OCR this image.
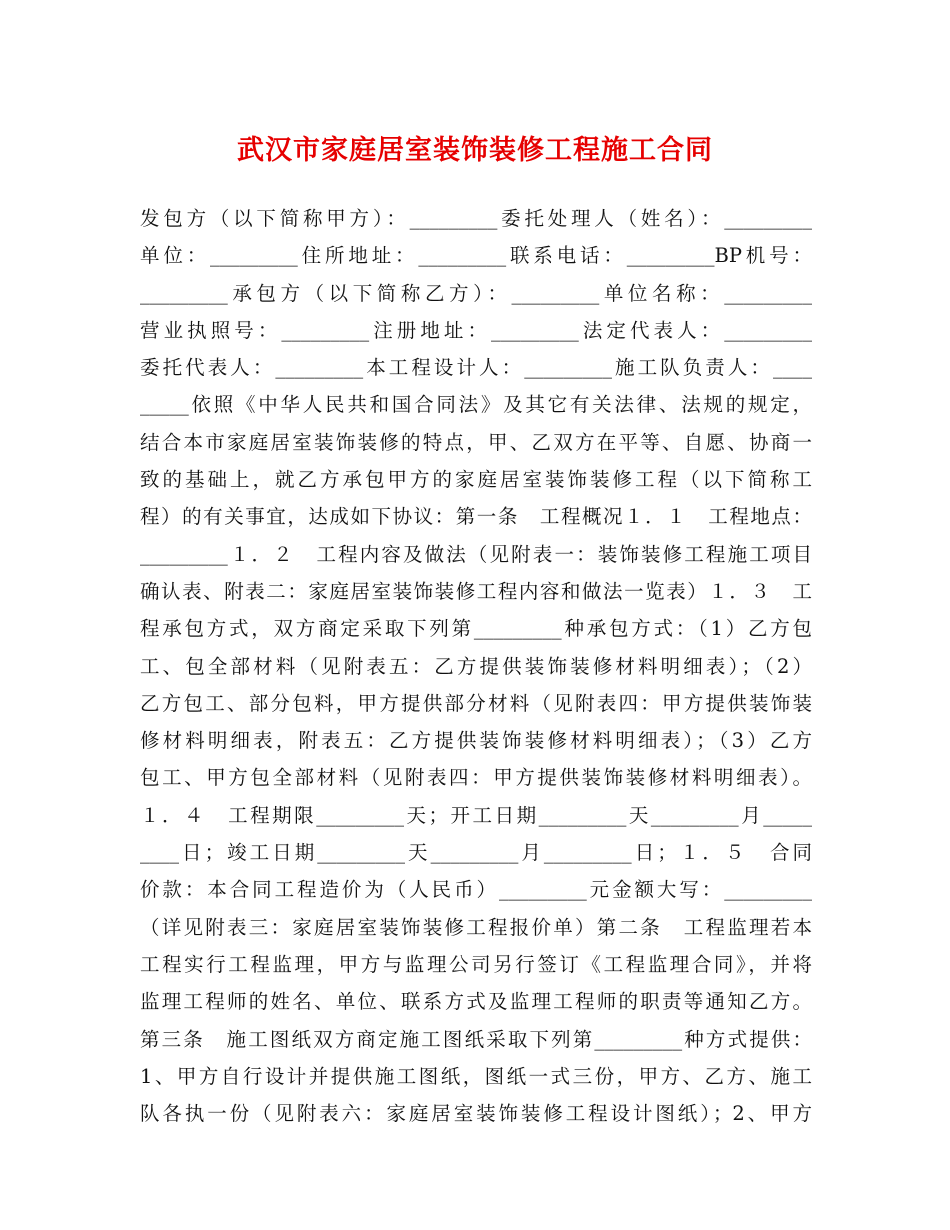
武汉市家庭居室装饰装修工程施工合同
发包方（以下简称甲方）：_________委托处理人（姓名）：_________
单位：_________住所地址：_________联系电话：_________BP机号：
_________承包方（以下简称乙方）：_________单位名称：_________
营业执照号：_________注册地址：_________法定代表人：_________
委托代表人：_________本工程设计人：_________施工队负责人：____
_____依照《中华人民共和国合同法》及其它有关法律、法规的规定，
结合本市家庭居室装饰装修的特点，甲、乙双方在平等、自愿、协商一
致的基础上，就乙方承包甲方的家庭居室装饰装修工程（以下简称工
程）的有关事宜，达成如下协议：第一条　工程概况１．１　工程地点：
_________１．２　工程内容及做法（见附表一：装饰装修工程施工项目
确认表、附表二：家庭居室装饰装修工程内容和做法一览表）１．３　工
程承包方式，双方商定采取下列第_________种承包方式：（1）乙方包
工、包全部材料（见附表五：乙方提供装饰装修材料明细表）；（2）
乙方包工、部分包料，甲方提供部分材料（见附表四：甲方提供装饰装
修材料明细表，附表五：乙方提供装饰装修材料明细表）；（3）乙方
包工、甲方包全部材料（见附表四：甲方提供装饰装修材料明细表）。
１．４　工程期限_________天；开工日期_________天_________月_____
____日；竣工日期_________天_________月_________日；１．５　合同
价款：本合同工程造价为（人民币）_________元金额大写：_________
（详见附表三：家庭居室装饰装修工程报价单）第二条　工程监理若本
工程实行工程监理，甲方与监理公司另行签订《工程监理合同》，并将
监理工程师的姓名、单位、联系方式及监理工程师的职责等通知乙方。
第三条　施工图纸双方商定施工图纸采取下列第_________种方式提供：
1、甲方自行设计并提供施工图纸，图纸一式三份，甲方、乙方、施工
队各执一份（见附表六：家庭居室装饰装修工程设计图纸）；2、甲方
